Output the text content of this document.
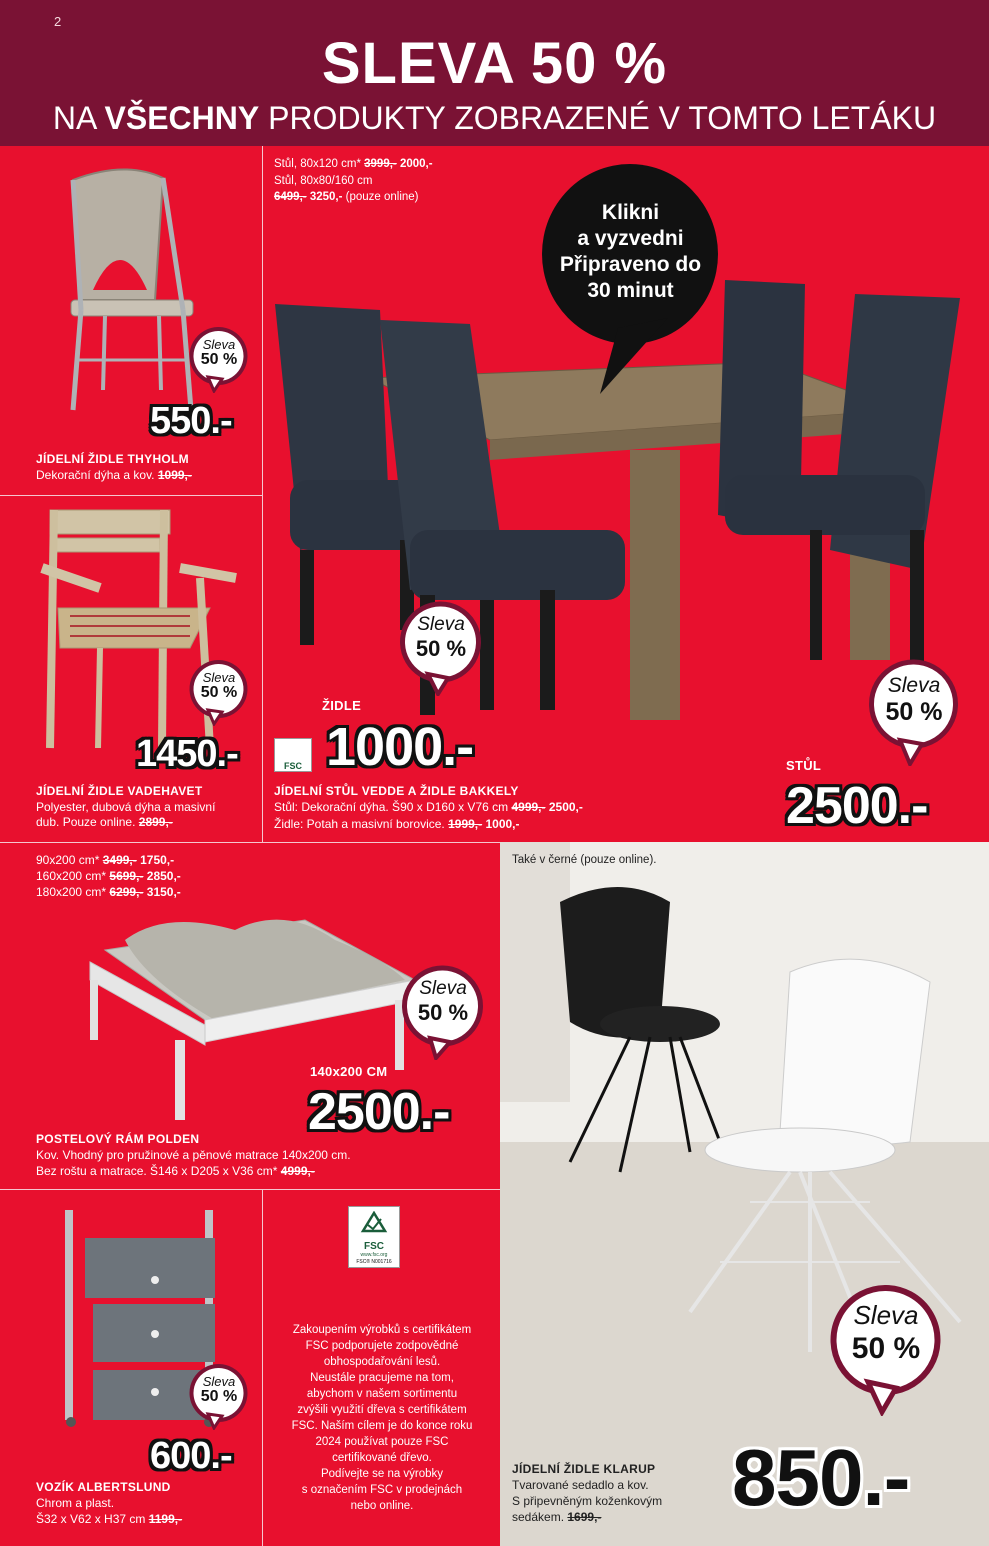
2
SLEVA 50 %
NA VŠECHNY PRODUKTY ZOBRAZENÉ V TOMTO LETÁKU
Sleva
50 %
550.-
JÍDELNÍ ŽIDLE THYHOLM
Dekorační dýha a kov. 1099,-
Sleva
50 %
1450.-
JÍDELNÍ ŽIDLE VADEHAVET
Polyester, dubová dýha a masivní
dub. Pouze online. 2899,-
Stůl, 80x120 cm* 3999,- 2000,-
Stůl, 80x80/160 cm
6499,- 3250,- (pouze online)
Klikni
a vyzvedni
Připraveno do
30 minut
Sleva
50 %
Sleva
50 %
ŽIDLE
FSC 1000.-	STŮL
2500.-
JÍDELNÍ STŮL VEDDE A ŽIDLE BAKKELY
Stůl: Dekorační dýha. Š90 x D160 x V76 cm 4999,- 2500,-
Židle: Potah a masivní borovice. 1999,- 1000,-
90x200 cm* 3499,- 1750,-
160x200 cm* 5699,- 2850,-
180x200 cm* 6299,- 3150,-
Sleva
50 %
140x200 CM
2500.-
POSTELOVÝ RÁM POLDEN
Kov. Vhodný pro pružinové a pěnové matrace 140x200 cm.
Bez roštu a matrace. Š146 x D205 x V36 cm* 4999,-
Také v černé (pouze online).
Sleva
50 %
JÍDELNÍ ŽIDLE KLARUP
Tvarované sedadlo a kov.
S připevněným koženkovým
sedákem. 1699,- 850.-
Sleva
50 %
600.-
VOZÍK ALBERTSLUND
Chrom a plast.
Š32 x V62 x H37 cm 1199,-
FSC
www.fsc.org
FSC® N001716
Zakoupením výrobků s certifikátem
FSC podporujete zodpovědné
obhospodařování lesů.
Neustále pracujeme na tom,
abychom v našem sortimentu
zvýšili využití dřeva s certifikátem
FSC. Naším cílem je do konce roku
2024 používat pouze FSC
certifikované dřevo.
Podívejte se na výrobky
s označením FSC v prodejnách
nebo online.
